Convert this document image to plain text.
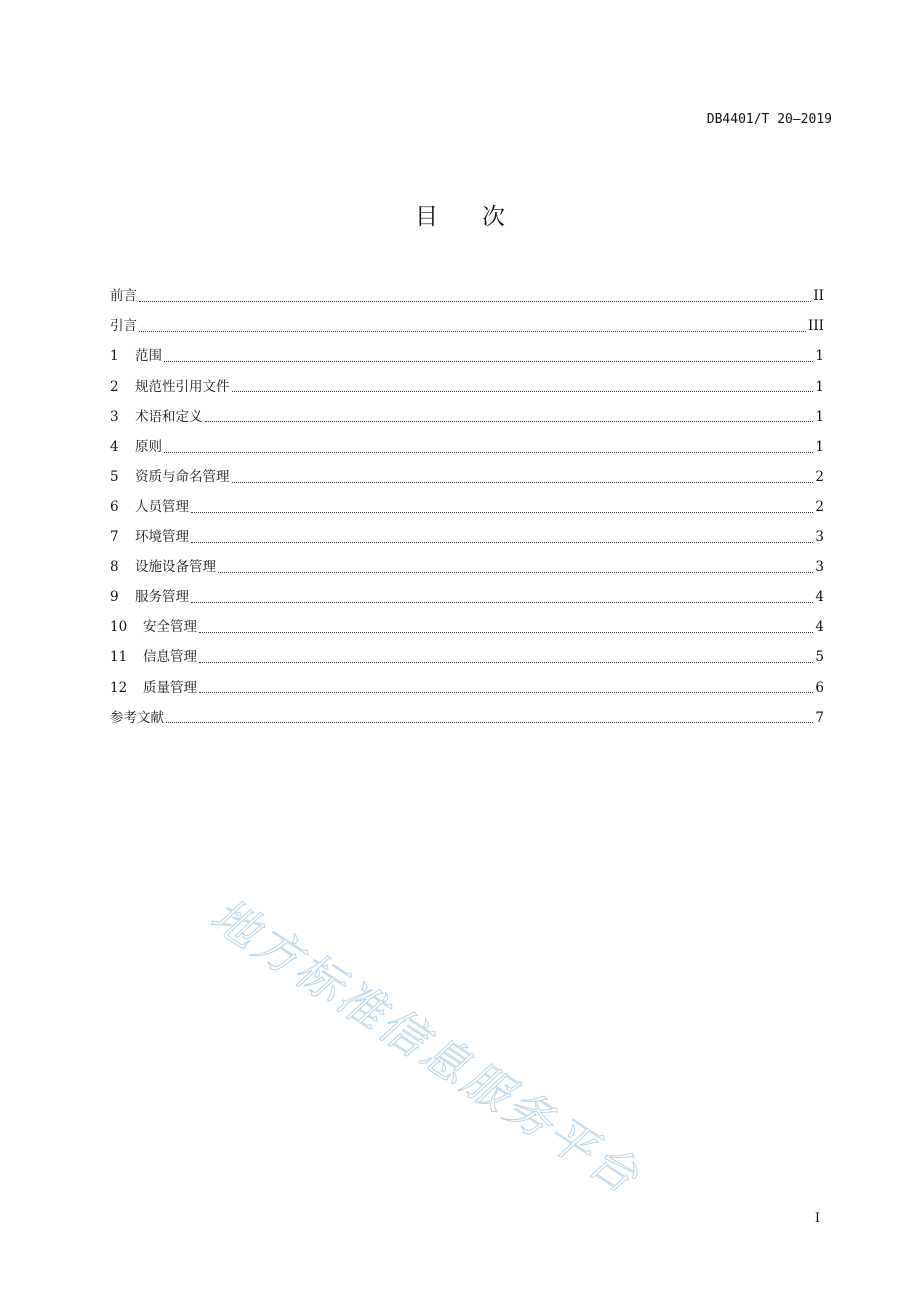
DB4401/T 20—2019
目次
前言	II
引言	III
1	范围	1
2	规范性引用文件	1
3	术语和定义	1
4	原则	1
5	资质与命名管理	2
6	人员管理	2
7	环境管理	3
8	设施设备管理	3
9	服务管理	4
10	安全管理	4
11	信息管理	5
12	质量管理	6
参考文献	7
地方标准信息服务平台
I
